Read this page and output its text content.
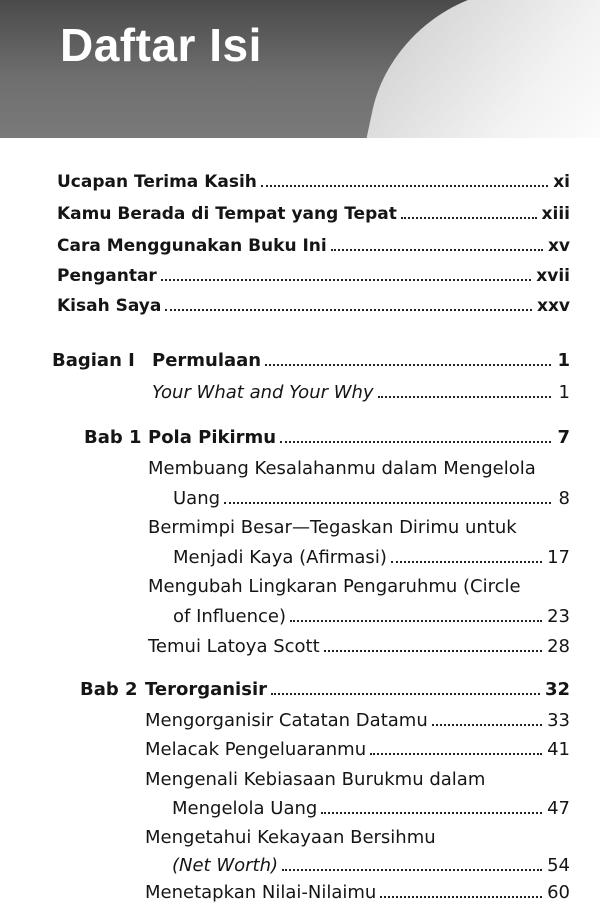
Daftar Isi
Ucapan Terima Kasih	xi
Kamu Berada di Tempat yang Tepat	xiii
Cara Menggunakan Buku Ini	xv
Pengantar	xvii
Kisah Saya	xxv
Bagian I Permulaan	1
Your What and Your Why	1
Bab 1 Pola Pikirmu	7
Membuang Kesalahanmu dalam Mengelola
Uang	8
Bermimpi Besar—Tegaskan Dirimu untuk
Menjadi Kaya (Afirmasi)	17
Mengubah Lingkaran Pengaruhmu (Circle
of Influence)	23
Temui Latoya Scott	28
Bab 2 Terorganisir	32
Mengorganisir Catatan Datamu	33
Melacak Pengeluaranmu	41
Mengenali Kebiasaan Burukmu dalam
Mengelola Uang	47
Mengetahui Kekayaan Bersihmu
(Net Worth)	54
Menetapkan Nilai-Nilaimu	60
